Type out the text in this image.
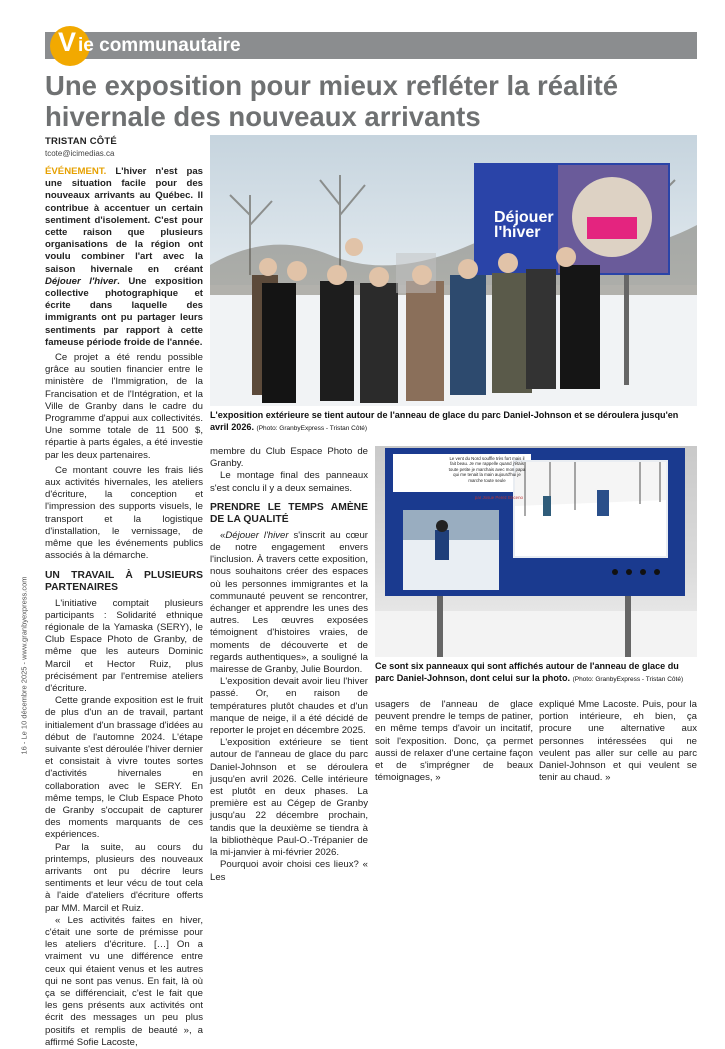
V ie communautaire
Une exposition pour mieux refléter la réalité hivernale des nouveaux arrivants
TRISTAN CÔTÉ
tcote@icimedias.ca
16 - Le 10 décembre 2025 - www.granbyexpress.com

ÉVÉNEMENT. L'hiver n'est pas une situation facile pour des nouveaux arrivants au Québec. Il contribue à accentuer un certain sentiment d'isolement. C'est pour cette raison que plusieurs organisations de la région ont voulu combiner l'art avec la saison hivernale en créant Déjouer l'hiver. Une exposition collective photographique et écrite dans laquelle des immigrants ont pu partager leurs sentiments par rapport à cette fameuse période froide de l'année.

Ce projet a été rendu possible grâce au soutien financier entre le ministère de l'Immigration, de la Francisation et de l'Intégration, et la Ville de Granby dans le cadre du Programme d'appui aux collectivités. Une somme totale de 11 500 $, répartie à parts égales, a été investie par les deux partenaires.

Ce montant couvre les frais liés aux activités hivernales, les ateliers d'écriture, la conception et l'impression des supports visuels, le transport et la logistique d'installation, le vernissage, de même que les événements publics associés à la démarche.

UN TRAVAIL À PLUSIEURS PARTENAIRES

L'initiative comptait plusieurs participants : Solidarité ethnique régionale de la Yamaska (SERY), le Club Espace Photo de Granby, de même que les auteurs Dominic Marcil et Hector Ruiz, plus précisément par l'entremise ateliers d'écriture.

Cette grande exposition est le fruit de plus d'un an de travail, partant initialement d'un brassage d'idées au début de l'automne 2024. L'étape suivante s'est déroulée l'hiver dernier et consistait à vivre toutes sortes d'activités hivernales en collaboration avec le SERY. En même temps, le Club Espace Photo de Granby s'occupait de capturer des moments marquants de ces expériences.

Par la suite, au cours du printemps, plusieurs des nouveaux arrivants ont pu décrire leurs sentiments et leur vécu de tout cela à l'aide d'ateliers d'écriture offerts par MM. Marcil et Ruiz.

« Les activités faites en hiver, c'était une sorte de prémisse pour les ateliers d'écriture. […] On a vraiment vu une différence entre ceux qui étaient venus et les autres qui ne sont pas venus. En fait, là où ça se différenciait, c'est le fait que les gens présents aux activités ont écrit des messages un peu plus positifs et remplis de beauté », a affirmé Sofie Lacoste,

Déjouer l'hiver
L'exposition extérieure se tient autour de l'anneau de glace du parc Daniel-Johnson et se déroulera jusqu'en avril 2026. (Photo: GranbyExpress - Tristan Côté)

membre du Club Espace Photo de Granby.

Le montage final des panneaux s'est conclu il y a deux semaines.

PRENDRE LE TEMPS AMÈNE DE LA QUALITÉ

«Déjouer l'hiver s'inscrit au cœur de notre engagement envers l'inclusion. À travers cette exposition, nous souhaitons créer des espaces où les personnes immigrantes et la communauté peuvent se rencontrer, échanger et apprendre les unes des autres. Les œuvres exposées témoignent d'histoires vraies, de moments de découverte et de regards authentiques», a souligné la mairesse de Granby, Julie Bourdon.

L'exposition devait avoir lieu l'hiver passé. Or, en raison de températures plutôt chaudes et d'un manque de neige, il a été décidé de reporter le projet en décembre 2025.

L'exposition extérieure se tient autour de l'anneau de glace du parc Daniel-Johnson et se déroulera jusqu'en avril 2026. Celle intérieure est plutôt en deux phases. La première est au Cégep de Granby jusqu'au 22 décembre prochain, tandis que la deuxième se tiendra à la bibliothèque Paul-O.-Trépanier de la mi-janvier à mi-février 2026.

Pourquoi avoir choisi ces lieux? « Les

Le vent du Nord souffle très fort mais il fait beau. Je me rappelle quand j'étais toute petite je marchais avec mon papa qui me tenait la main aujourd'hui je marche toute seule
par Josue Perez Enceno
Ce sont six panneaux qui sont affichés autour de l'anneau de glace du parc Daniel-Johnson, dont celui sur la photo. (Photo: GranbyExpress - Tristan Côté)

usagers de l'anneau de glace peuvent prendre le temps de patiner, en même temps d'avoir un incitatif, soit l'exposition. Donc, ça permet aussi de relaxer d'une certaine façon et de s'imprégner de beaux témoignages, »

expliqué Mme Lacoste. Puis, pour la portion intérieure, eh bien, ça procure une alternative aux personnes intéressées qui ne veulent pas aller sur celle au parc Daniel-Johnson et qui veulent se tenir au chaud. »
